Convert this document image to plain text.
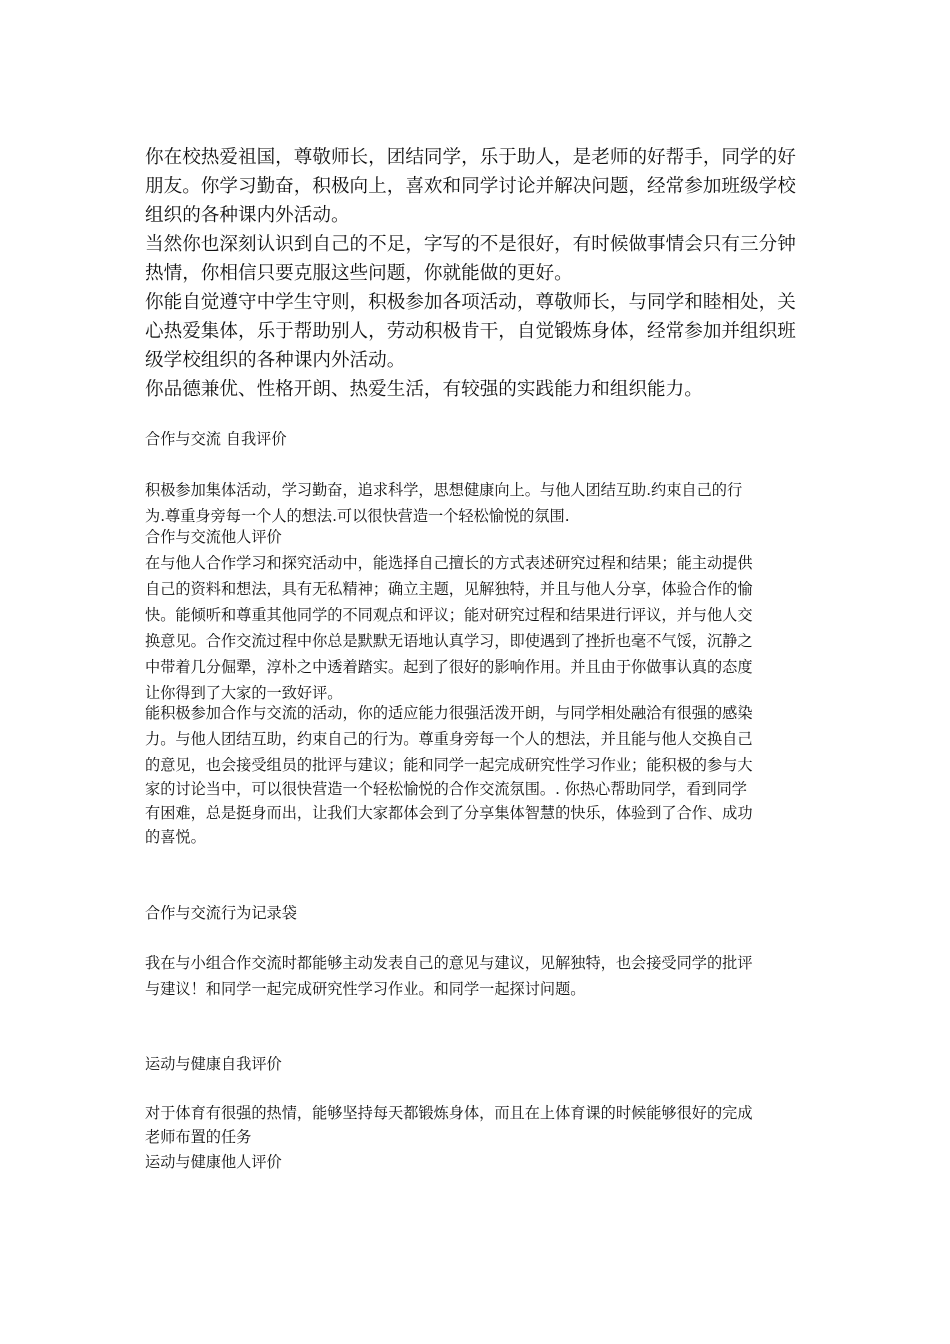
你在校热爱祖国，尊敬师长，团结同学，乐于助人，是老师的好帮手，同学的好
朋友。你学习勤奋，积极向上，喜欢和同学讨论并解决问题，经常参加班级学校
组织的各种课内外活动。
当然你也深刻认识到自己的不足，字写的不是很好，有时候做事情会只有三分钟
热情，你相信只要克服这些问题，你就能做的更好。
你能自觉遵守中学生守则，积极参加各项活动，尊敬师长，与同学和睦相处，关
心热爱集体，乐于帮助别人，劳动积极肯干，自觉锻炼身体，经常参加并组织班
级学校组织的各种课内外活动。
你品德兼优、性格开朗、热爱生活，有较强的实践能力和组织能力。
合作与交流 自我评价
积极参加集体活动，学习勤奋，追求科学，思想健康向上。与他人团结互助.约束自己的行
为.尊重身旁每一个人的想法.可以很快营造一个轻松愉悦的氛围.
合作与交流他人评价
在与他人合作学习和探究活动中，能选择自己擅长的方式表述研究过程和结果；能主动提供
自己的资料和想法，具有无私精神；确立主题，见解独特，并且与他人分享，体验合作的愉
快。能倾听和尊重其他同学的不同观点和评议；能对研究过程和结果进行评议，并与他人交
换意见。合作交流过程中你总是默默无语地认真学习，即使遇到了挫折也毫不气馁，沉静之
中带着几分倔犟，淳朴之中透着踏实。起到了很好的影响作用。并且由于你做事认真的态度
让你得到了大家的一致好评。
能积极参加合作与交流的活动，你的适应能力很强活泼开朗，与同学相处融洽有很强的感染
力。与他人团结互助，约束自己的行为。尊重身旁每一个人的想法，并且能与他人交换自己
的意见，也会接受组员的批评与建议；能和同学一起完成研究性学习作业；能积极的参与大
家的讨论当中，可以很快营造一个轻松愉悦的合作交流氛围。. 你热心帮助同学，看到同学
有困难，总是挺身而出，让我们大家都体会到了分享集体智慧的快乐，体验到了合作、成功
的喜悦。
合作与交流行为记录袋
我在与小组合作交流时都能够主动发表自己的意见与建议，见解独特，也会接受同学的批评
与建议！和同学一起完成研究性学习作业。和同学一起探讨问题。
运动与健康自我评价
对于体育有很强的热情，能够坚持每天都锻炼身体，而且在上体育课的时候能够很好的完成
老师布置的任务
运动与健康他人评价
